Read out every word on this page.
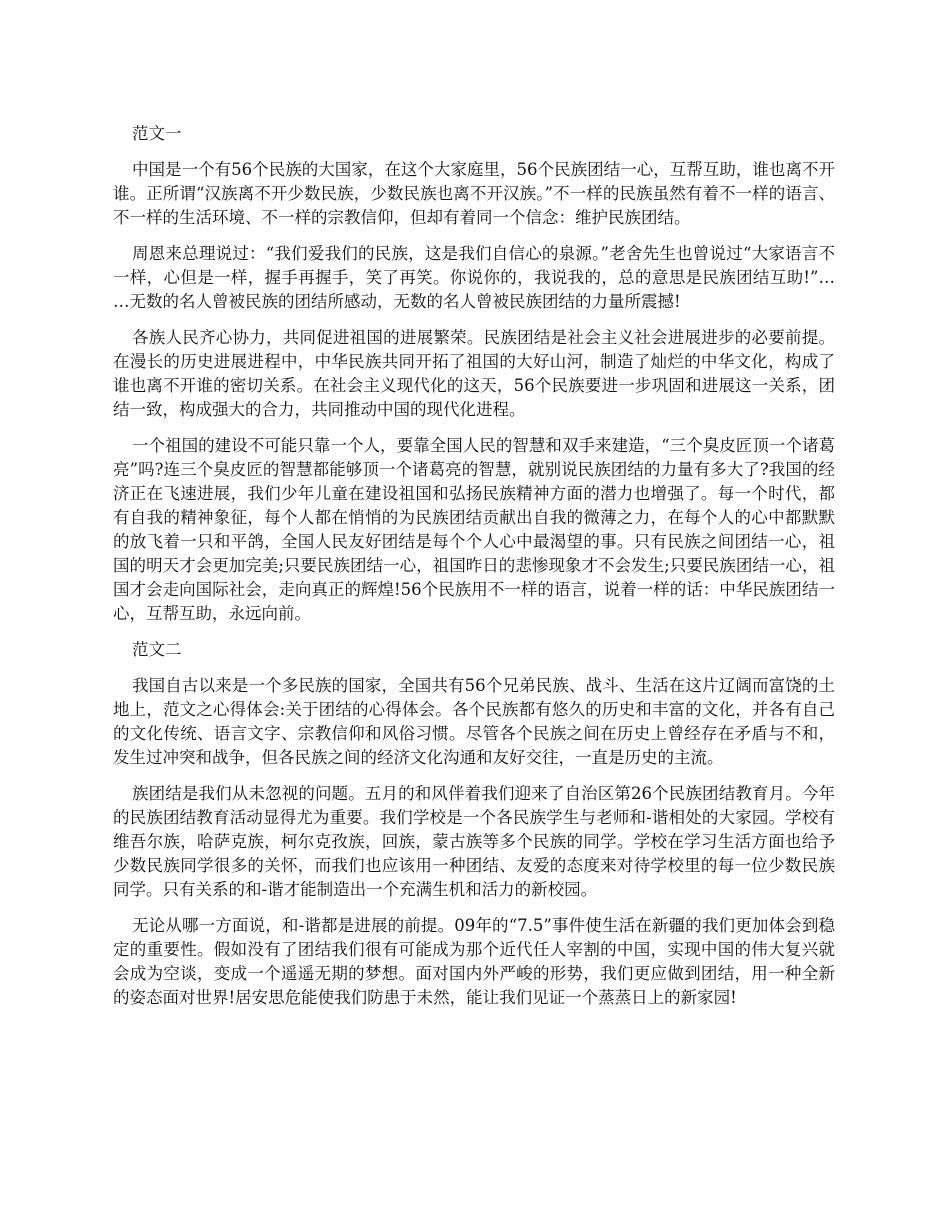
范文一

中国是一个有56个民族的大国家，在这个大家庭里，56个民族团结一心，互帮互助，谁也离不开谁。正所谓“汉族离不开少数民族，少数民族也离不开汉族。”不一样的民族虽然有着不一样的语言、不一样的生活环境、不一样的宗教信仰，但却有着同一个信念：维护民族团结。

周恩来总理说过：“我们爱我们的民族，这是我们自信心的泉源。”老舍先生也曾说过“大家语言不一样，心但是一样，握手再握手，笑了再笑。你说你的，我说我的，总的意思是民族团结互助!”……无数的名人曾被民族的团结所感动，无数的名人曾被民族团结的力量所震撼!

各族人民齐心协力，共同促进祖国的进展繁荣。民族团结是社会主义社会进展进步的必要前提。在漫长的历史进展进程中，中华民族共同开拓了祖国的大好山河，制造了灿烂的中华文化，构成了谁也离不开谁的密切关系。在社会主义现代化的这天，56个民族要进一步巩固和进展这一关系，团结一致，构成强大的合力，共同推动中国的现代化进程。

一个祖国的建设不可能只靠一个人，要靠全国人民的智慧和双手来建造，“三个臭皮匠顶一个诸葛亮”吗?连三个臭皮匠的智慧都能够顶一个诸葛亮的智慧，就别说民族团结的力量有多大了?我国的经济正在飞速进展，我们少年儿童在建设祖国和弘扬民族精神方面的潜力也增强了。每一个时代，都有自我的精神象征，每个人都在悄悄的为民族团结贡献出自我的微薄之力，在每个人的心中都默默的放飞着一只和平鸽，全国人民友好团结是每个个人心中最渴望的事。只有民族之间团结一心，祖国的明天才会更加完美;只要民族团结一心，祖国昨日的悲惨现象才不会发生;只要民族团结一心，祖国才会走向国际社会，走向真正的辉煌!56个民族用不一样的语言，说着一样的话：中华民族团结一心，互帮互助，永远向前。

范文二

我国自古以来是一个多民族的国家，全国共有56个兄弟民族、战斗、生活在这片辽阔而富饶的土地上，范文之心得体会:关于团结的心得体会。各个民族都有悠久的历史和丰富的文化，并各有自己的文化传统、语言文字、宗教信仰和风俗习惯。尽管各个民族之间在历史上曾经存在矛盾与不和，发生过冲突和战争，但各民族之间的经济文化沟通和友好交往，一直是历史的主流。

族团结是我们从未忽视的问题。五月的和风伴着我们迎来了自治区第26个民族团结教育月。今年的民族团结教育活动显得尤为重要。我们学校是一个各民族学生与老师和-谐相处的大家园。学校有维吾尔族，哈萨克族，柯尔克孜族，回族，蒙古族等多个民族的同学。学校在学习生活方面也给予少数民族同学很多的关怀，而我们也应该用一种团结、友爱的态度来对待学校里的每一位少数民族同学。只有关系的和-谐才能制造出一个充满生机和活力的新校园。

无论从哪一方面说，和-谐都是进展的前提。09年的“7.5”事件使生活在新疆的我们更加体会到稳定的重要性。假如没有了团结我们很有可能成为那个近代任人宰割的中国，实现中国的伟大复兴就会成为空谈，变成一个遥遥无期的梦想。面对国内外严峻的形势，我们更应做到团结，用一种全新的姿态面对世界!居安思危能使我们防患于未然，能让我们见证一个蒸蒸日上的新家园!
